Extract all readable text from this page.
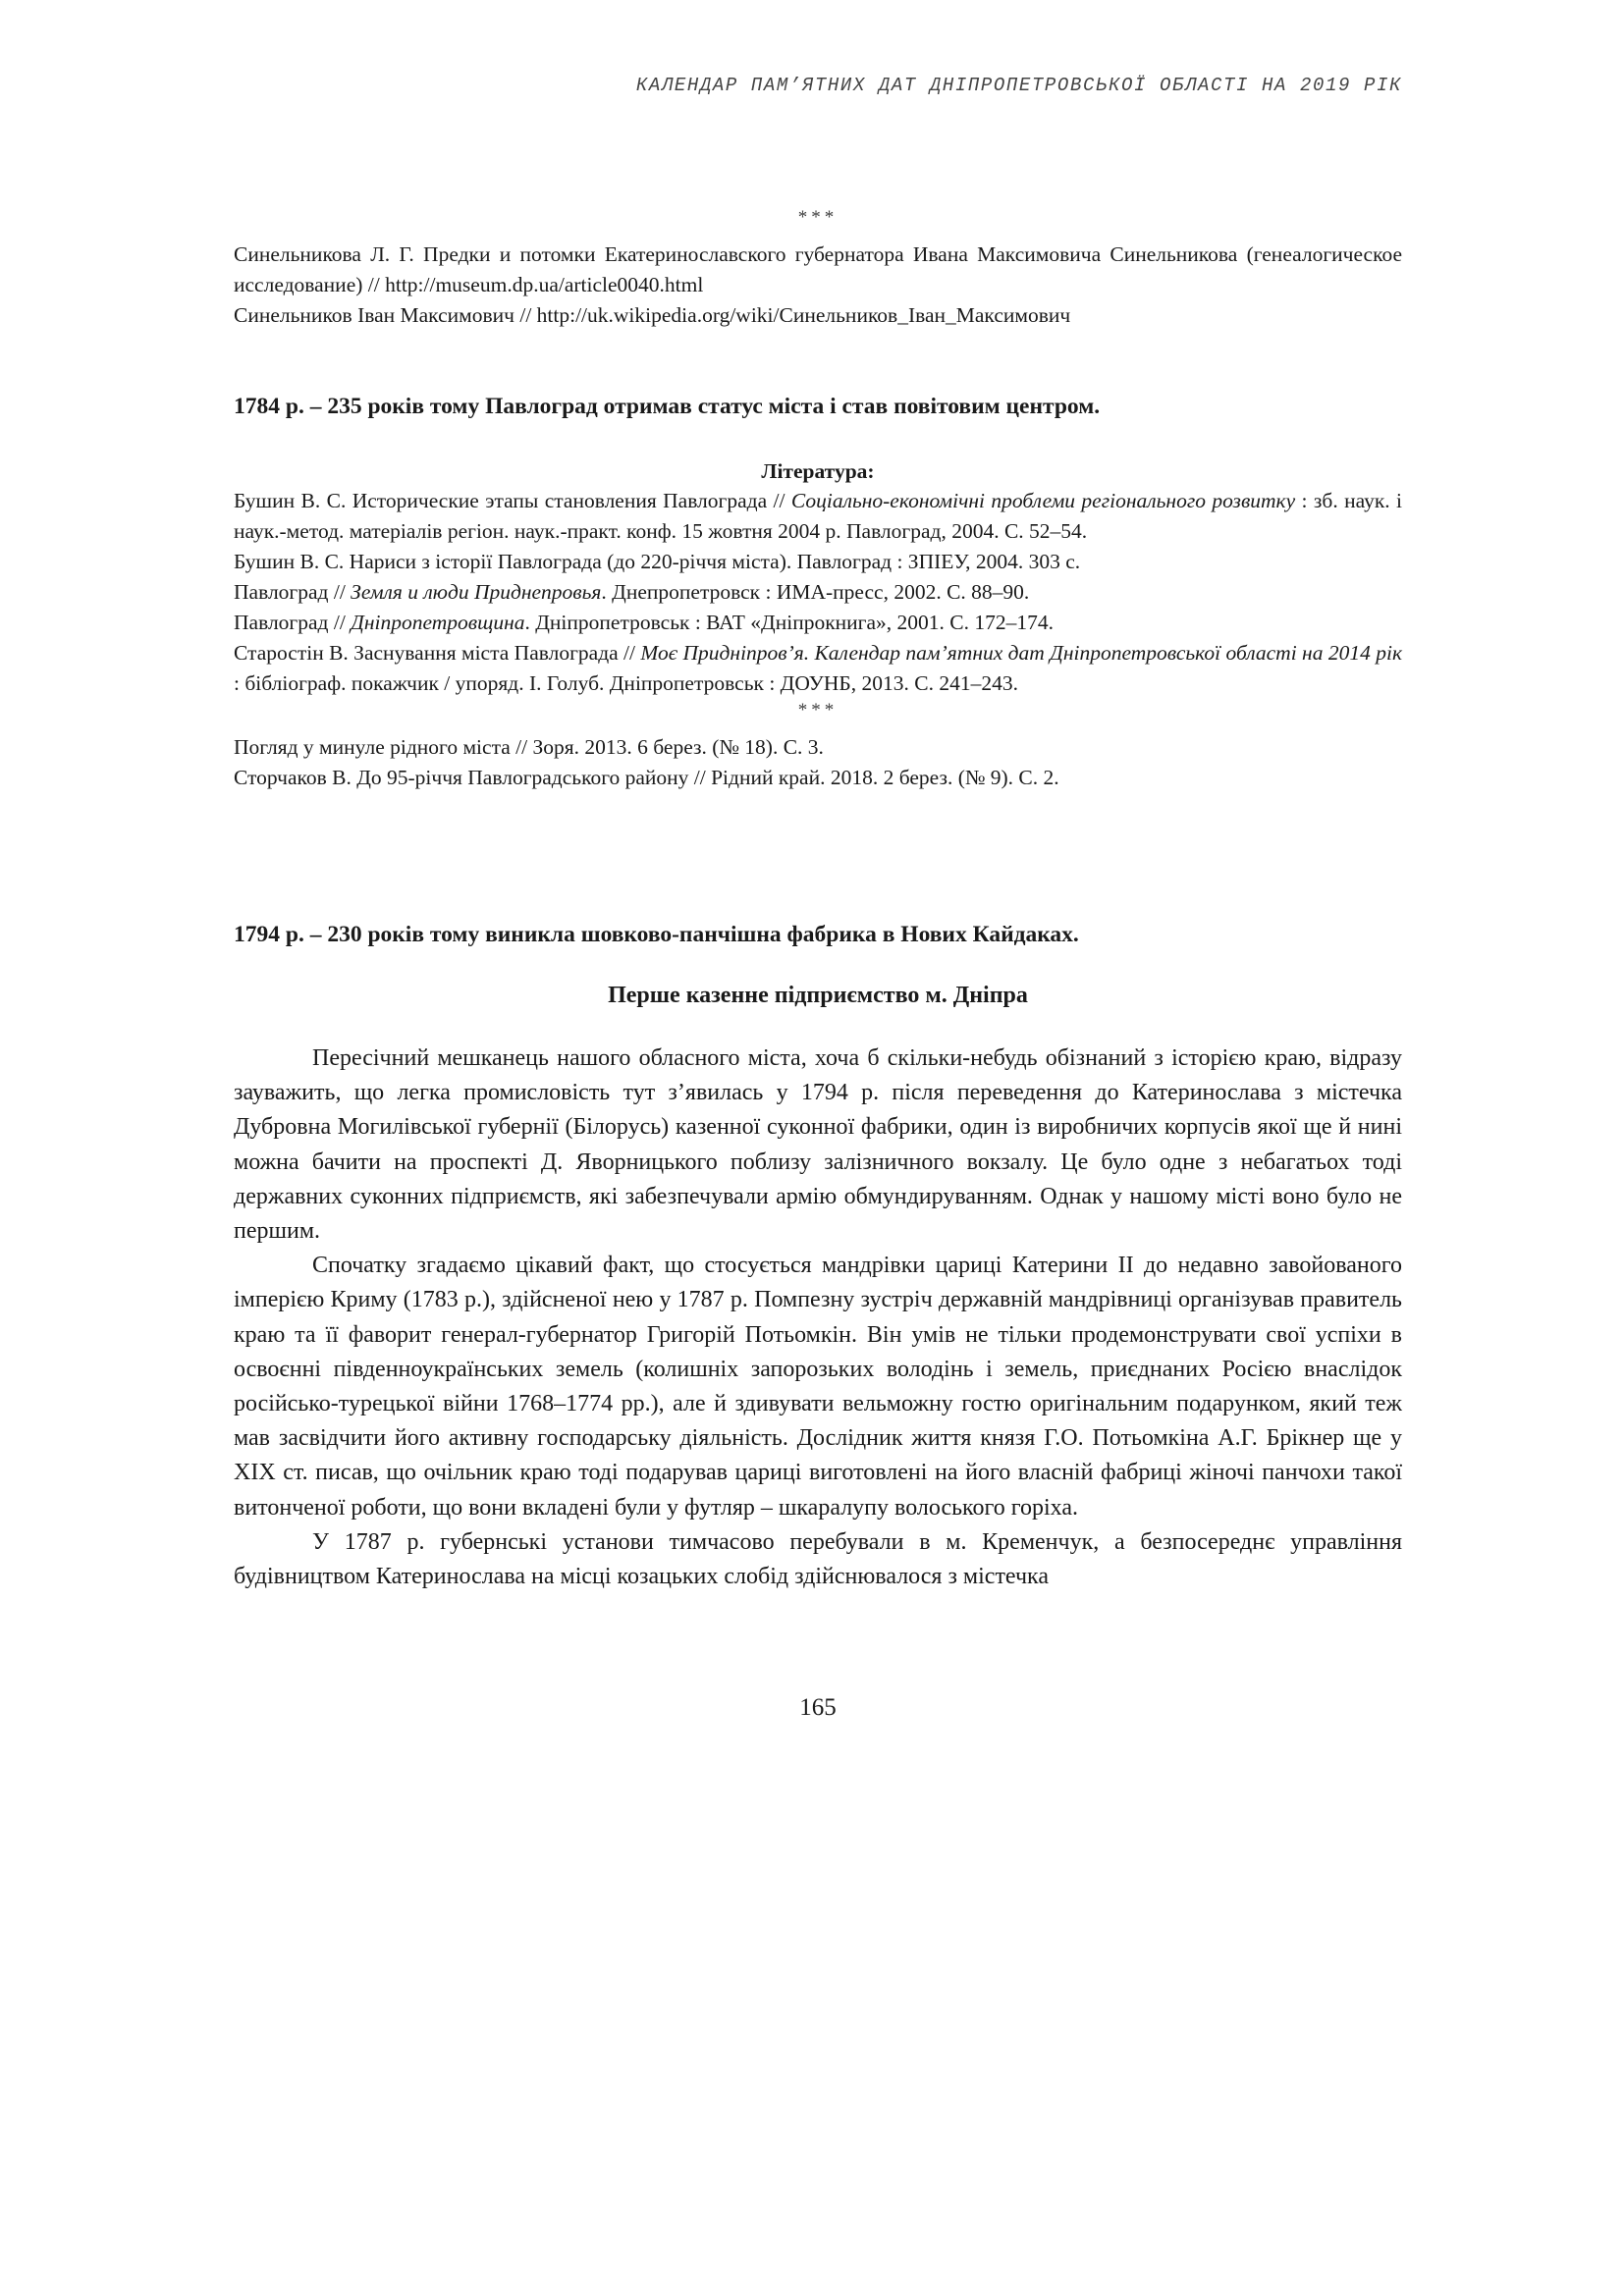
КАЛЕНДАР ПАМ’ЯТНИХ ДАТ ДНІПРОПЕТРОВСЬКОЇ ОБЛАСТІ НА 2019 РІК
***

Синельникова Л. Г. Предки и потомки Екатеринославского губернатора Ивана Максимовича Синельникова (генеалогическое исследование) // http://museum.dp.ua/article0040.html

Синельников Іван Максимович // http://uk.wikipedia.org/wiki/Синельников_Іван_Максимович

1784 р. – 235 років тому Павлоград отримав статус міста і став повітовим центром.

Література:

Бушин В. С. Исторические этапы становления Павлограда // Соціально-економічні проблеми регіонального розвитку : зб. наук. і наук.-метод. матеріалів регіон. наук.-практ. конф. 15 жовтня 2004 р. Павлоград, 2004. С. 52–54.

Бушин В. С. Нариси з історії Павлограда (до 220-річчя міста). Павлоград : ЗПІЕУ, 2004. 303 с.

Павлоград // Земля и люди Приднепровья. Днепропетровск : ИМА-пресс, 2002. С. 88–90.

Павлоград // Дніпропетровщина. Дніпропетровськ : ВАТ «Дніпрокнига», 2001. С. 172–174.

Старостін В. Заснування міста Павлограда // Моє Придніпров’я. Календар пам’ятних дат Дніпропетровської області на 2014 рік : бібліограф. покажчик / упоряд. І. Голуб. Дніпропетровськ : ДОУНБ, 2013. С. 241–243.

***

Погляд у минуле рідного міста // Зоря. 2013. 6 берез. (№ 18). С. 3.

Сторчаков В. До 95-річчя Павлоградського району // Рідний край. 2018. 2 берез. (№ 9). С. 2.

1794 р. – 230 років тому виникла шовково-панчішна фабрика в Нових Кайдаках.

Перше казенне підприємство м. Дніпра

Пересічний мешканець нашого обласного міста, хоча б скільки-небудь обізнаний з історією краю, відразу зауважить, що легка промисловість тут з’явилась у 1794 р. після переведення до Катеринослава з містечка Дубровна Могилівської губернії (Білорусь) казенної суконної фабрики, один із виробничих корпусів якої ще й нині можна бачити на проспекті Д. Яворницького поблизу залізничного вокзалу. Це було одне з небагатьох тоді державних суконних підприємств, які забезпечували армію обмундируванням. Однак у нашому місті воно було не першим.

Спочатку згадаємо цікавий факт, що стосується мандрівки цариці Катерини II до недавно завойованого імперією Криму (1783 р.), здійсненої нею у 1787 р. Помпезну зустріч державній мандрівниці організував правитель краю та її фаворит генерал-губернатор Григорій Потьомкін. Він умів не тільки продемонструвати свої успіхи в освоєнні південноукраїнських земель (колишніх запорозьких володінь і земель, приєднаних Росією внаслідок російсько-турецької війни 1768–1774 рр.), але й здивувати вельможну гостю оригінальним подарунком, який теж мав засвідчити його активну господарську діяльність. Дослідник життя князя Г.О. Потьомкіна А.Г. Брікнер ще у XIX ст. писав, що очільник краю тоді подарував цариці виготовлені на його власній фабриці жіночі панчохи такої витонченої роботи, що вони вкладені були у футляр – шкаралупу волоського горіха.

У 1787 р. губернські установи тимчасово перебували в м. Кременчук, а безпосереднє управління будівництвом Катеринослава на місці козацьких слобід здійснювалося з містечка

165
